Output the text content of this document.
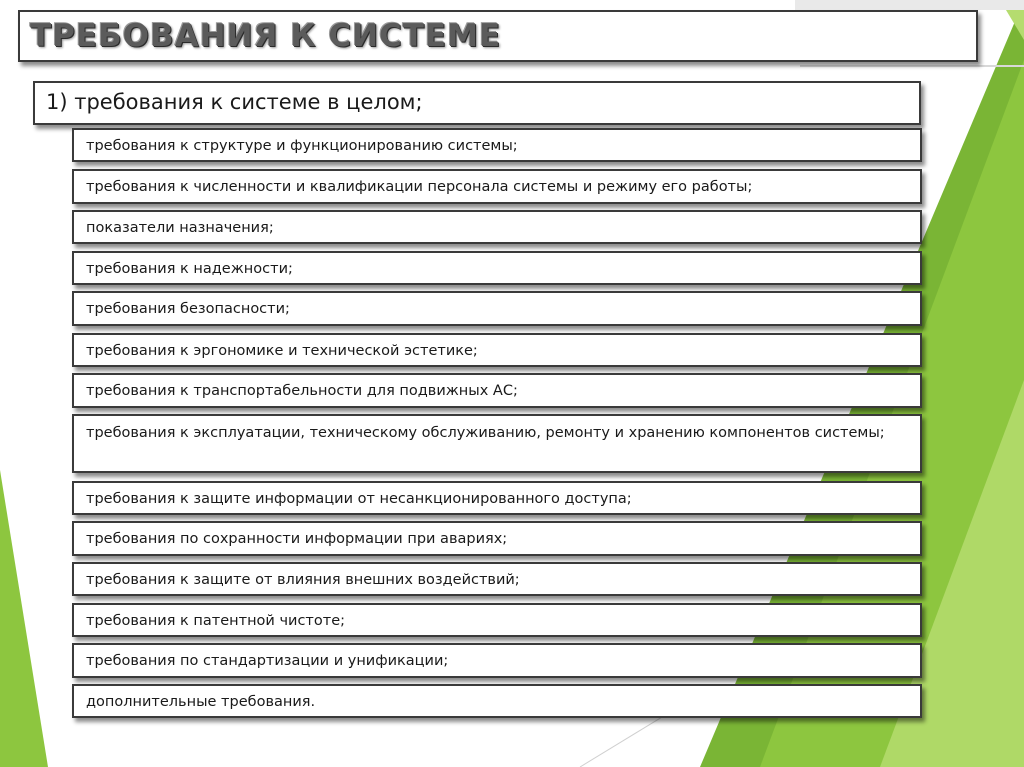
ТРЕБОВАНИЯ К СИСТЕМЕ
1) требования к системе в целом;
требования к структуре и функционированию системы;
требования к численности и квалификации персонала системы и режиму его работы;
показатели назначения;
требования к надежности;
требования безопасности;
требования к эргономике и технической эстетике;
требования к транспортабельности для подвижных АС;
требования к эксплуатации, техническому обслуживанию, ремонту и хранению компонентов системы;
требования к защите информации от несанкционированного доступа;
требования по сохранности информации при авариях;
требования к защите от влияния внешних воздействий;
требования к патентной чистоте;
требования по стандартизации и унификации;
дополнительные требования.
